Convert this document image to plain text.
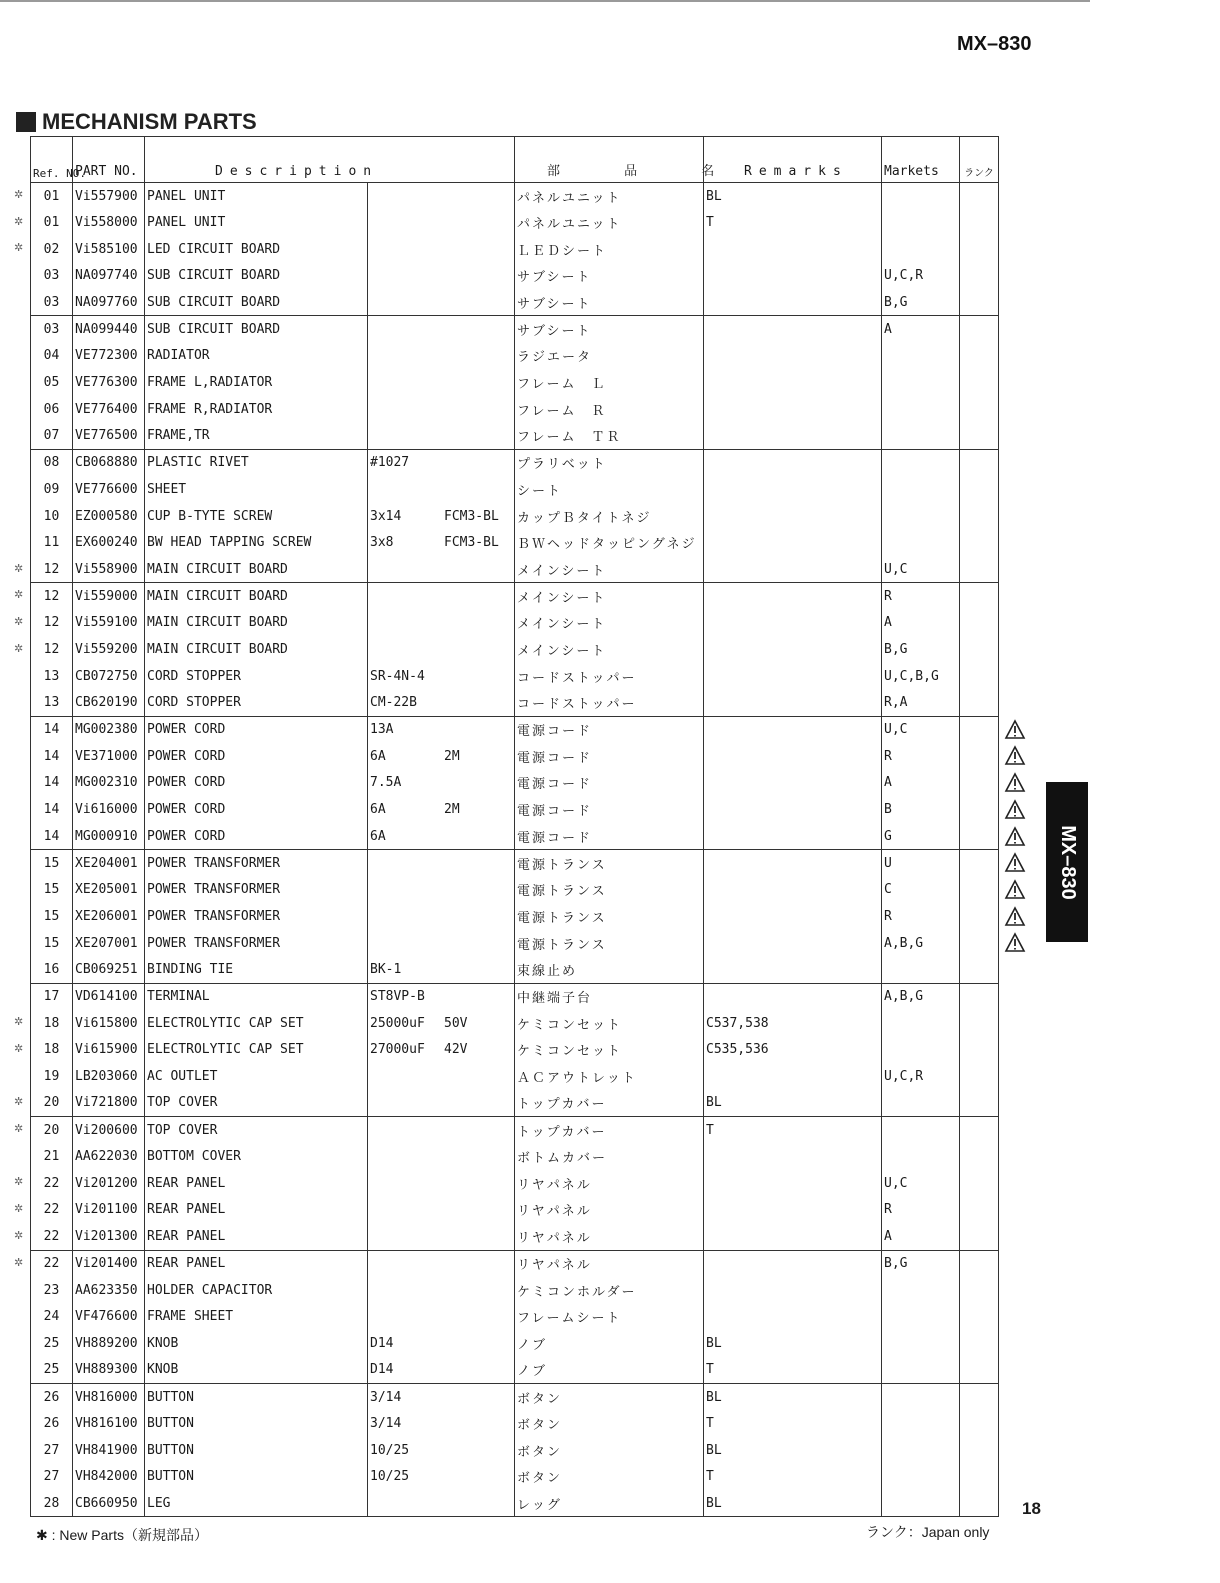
MX–830
MECHANISM PARTS
Ref. NO.	PART NO.	Description		部 品 名	Remarks	Markets	ランク
01	Vi557900	PANEL UNIT		パネルユニット	BL		
01	Vi558000	PANEL UNIT		パネルユニット	T		
02	Vi585100	LED CIRCUIT BOARD		ＬＥＤシート			
03	NA097740	SUB CIRCUIT BOARD		サブシート		U,C,R	
03	NA097760	SUB CIRCUIT BOARD		サブシート		B,G	
03	NA099440	SUB CIRCUIT BOARD		サブシート		A	
04	VE772300	RADIATOR		ラジエータ			
05	VE776300	FRAME L,RADIATOR		フレーム　Ｌ			
06	VE776400	FRAME R,RADIATOR		フレーム　Ｒ			
07	VE776500	FRAME,TR		フレーム　ＴＲ			
08	CB068880	PLASTIC RIVET	#1027	プラリベット			
09	VE776600	SHEET		シート			
10	EZ000580	CUP B-TYTE SCREW	3x14 FCM3-BL	カップＢタイトネジ			
11	EX600240	BW HEAD TAPPING SCREW	3x8 FCM3-BL	ＢＷヘッドタッピングネジ			
12	Vi558900	MAIN CIRCUIT BOARD		メインシート		U,C	
12	Vi559000	MAIN CIRCUIT BOARD		メインシート		R	
12	Vi559100	MAIN CIRCUIT BOARD		メインシート		A	
12	Vi559200	MAIN CIRCUIT BOARD		メインシート		B,G	
13	CB072750	CORD STOPPER	SR-4N-4	コードストッパー		U,C,B,G	
13	CB620190	CORD STOPPER	CM-22B	コードストッパー		R,A	
14	MG002380	POWER CORD	13A	電源コード		U,C	
14	VE371000	POWER CORD	6A 2M	電源コード		R	
14	MG002310	POWER CORD	7.5A	電源コード		A	
14	Vi616000	POWER CORD	6A 2M	電源コード		B	
14	MG000910	POWER CORD	6A	電源コード		G	
15	XE204001	POWER TRANSFORMER		電源トランス		U	
15	XE205001	POWER TRANSFORMER		電源トランス		C	
15	XE206001	POWER TRANSFORMER		電源トランス		R	
15	XE207001	POWER TRANSFORMER		電源トランス		A,B,G	
16	CB069251	BINDING TIE	BK-1	束線止め			
17	VD614100	TERMINAL	ST8VP-B	中継端子台		A,B,G	
18	Vi615800	ELECTROLYTIC CAP SET	25000uF 50V	ケミコンセット	C537,538		
18	Vi615900	ELECTROLYTIC CAP SET	27000uF 42V	ケミコンセット	C535,536		
19	LB203060	AC OUTLET		ＡＣアウトレット		U,C,R	
20	Vi721800	TOP COVER		トップカバー	BL		
20	Vi200600	TOP COVER		トップカバー	T		
21	AA622030	BOTTOM COVER		ボトムカバー			
22	Vi201200	REAR PANEL		リヤパネル		U,C	
22	Vi201100	REAR PANEL		リヤパネル		R	
22	Vi201300	REAR PANEL		リヤパネル		A	
22	Vi201400	REAR PANEL		リヤパネル		B,G	
23	AA623350	HOLDER CAPACITOR		ケミコンホルダー			
24	VF476600	FRAME SHEET		フレームシート			
25	VH889200	KNOB	D14	ノブ	BL		
25	VH889300	KNOB	D14	ノブ	T		
26	VH816000	BUTTON	3/14	ボタン	BL		
26	VH816100	BUTTON	3/14	ボタン	T		
27	VH841900	BUTTON	10/25	ボタン	BL		
27	VH842000	BUTTON	10/25	ボタン	T		
28	CB660950	LEG		レッグ	BL		
MX–830
18
✱ : New Parts（新規部品）	ランク：Japan only
✲
✲
✲
✲
✲
✲
✲
✲
✲
✲
✲
✲
✲
✲
✲
